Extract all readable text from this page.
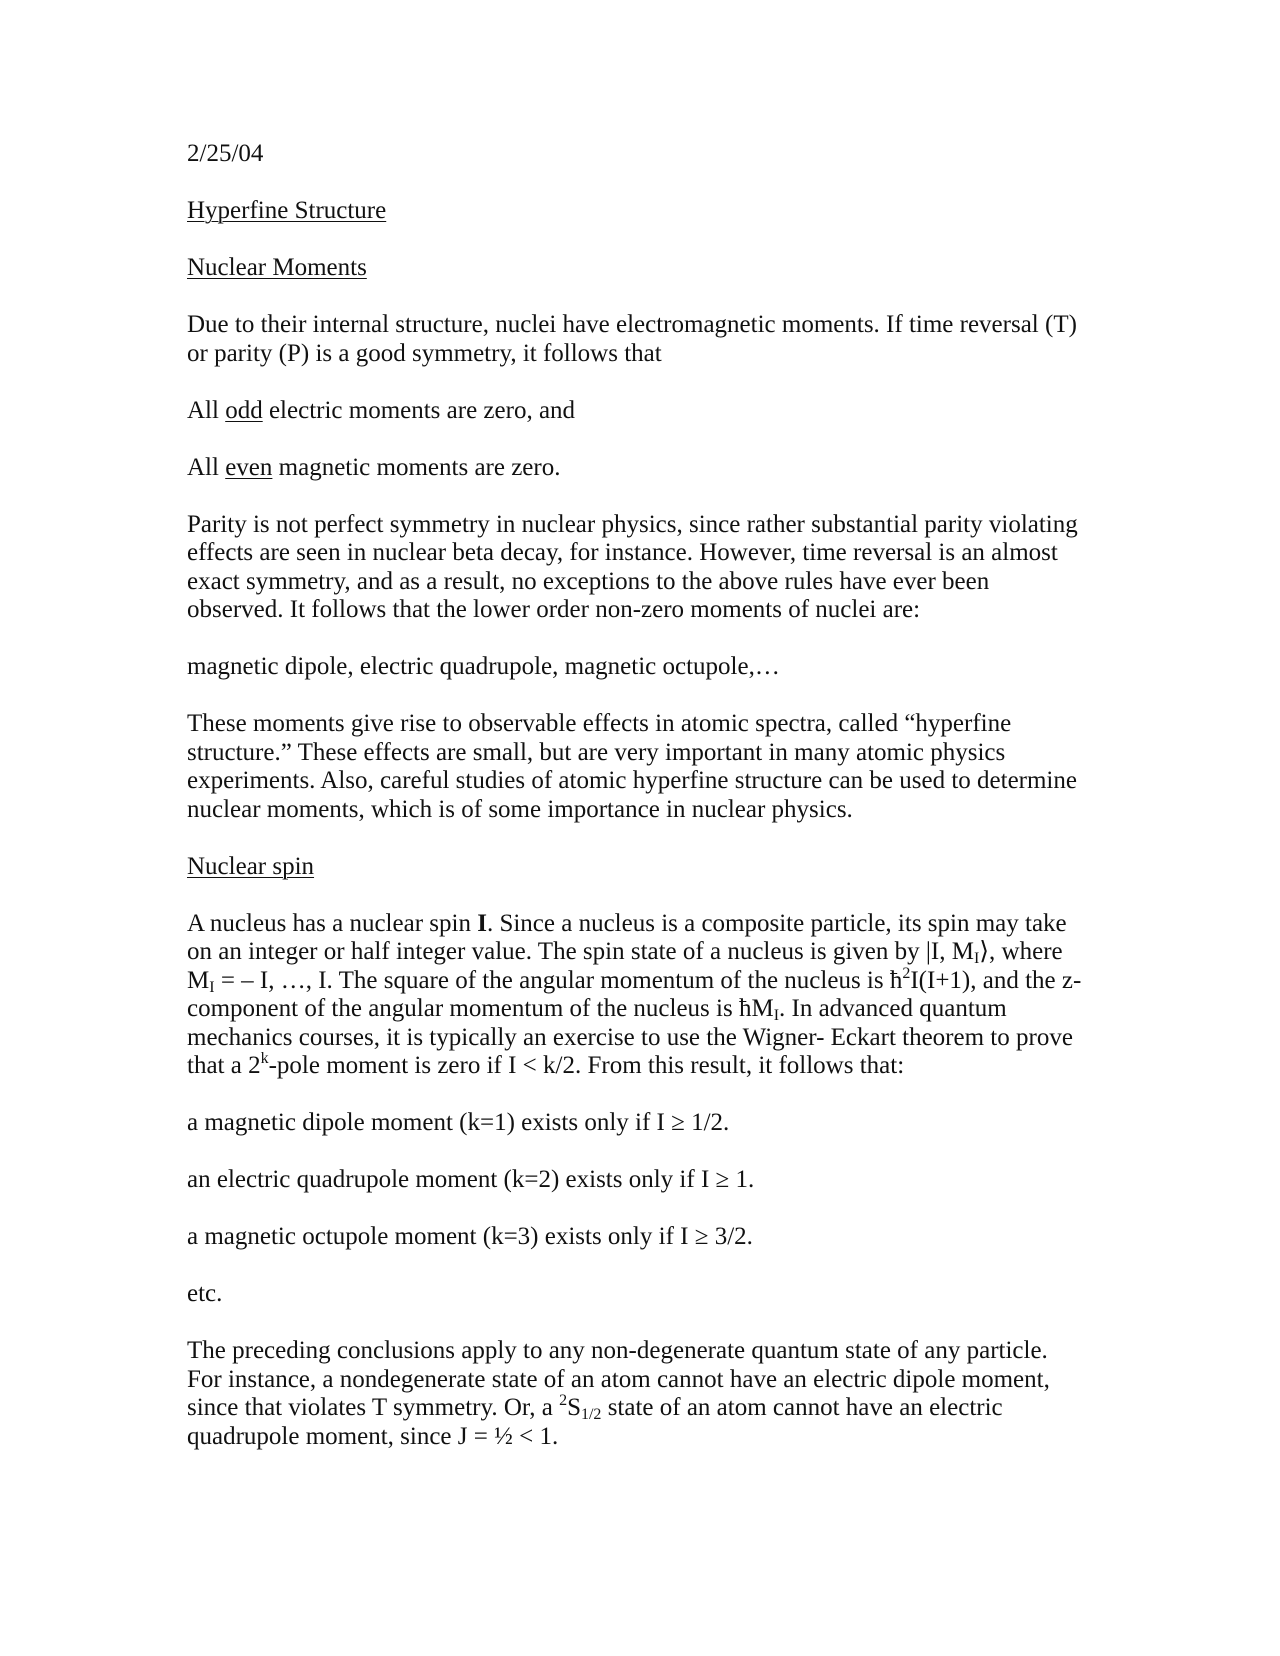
2/25/04

Hyperfine Structure

Nuclear Moments

Due to their internal structure, nuclei have electromagnetic moments. If time reversal (T) or parity (P) is a good symmetry, it follows that

All odd electric moments are zero, and

All even magnetic moments are zero.

Parity is not perfect symmetry in nuclear physics, since rather substantial parity violating effects are seen in nuclear beta decay, for instance. However, time reversal is an almost exact symmetry, and as a result, no exceptions to the above rules have ever been observed. It follows that the lower order non-zero moments of nuclei are:

magnetic dipole, electric quadrupole, magnetic octupole,…

These moments give rise to observable effects in atomic spectra, called “hyperfine structure.” These effects are small, but are very important in many atomic physics experiments. Also, careful studies of atomic hyperfine structure can be used to determine nuclear moments, which is of some importance in nuclear physics.

Nuclear spin

A nucleus has a nuclear spin I. Since a nucleus is a composite particle, its spin may take on an integer or half integer value. The spin state of a nucleus is given by |I, $M_I⟩$, where $M_I$ = – I, …, I. The square of the angular momentum of the nucleus is $ħ^2I(I+1)$, and the z-component of the angular momentum of the nucleus is $ħM_I$. In advanced quantum mechanics courses, it is typically an exercise to use the Wigner- Eckart theorem to prove that a 2$^k$-pole moment is zero if I < k/2. From this result, it follows that:

a magnetic dipole moment (k=1) exists only if I ≥ 1/2.

an electric quadrupole moment (k=2) exists only if I ≥ 1.

a magnetic octupole moment (k=3) exists only if I ≥ 3/2.

etc.

The preceding conclusions apply to any non-degenerate quantum state of any particle. For instance, a nondegenerate state of an atom cannot have an electric dipole moment, since that violates T symmetry. Or, a $^2S_{1/2}$ state of an atom cannot have an electric quadrupole moment, since J = ½ < 1.
